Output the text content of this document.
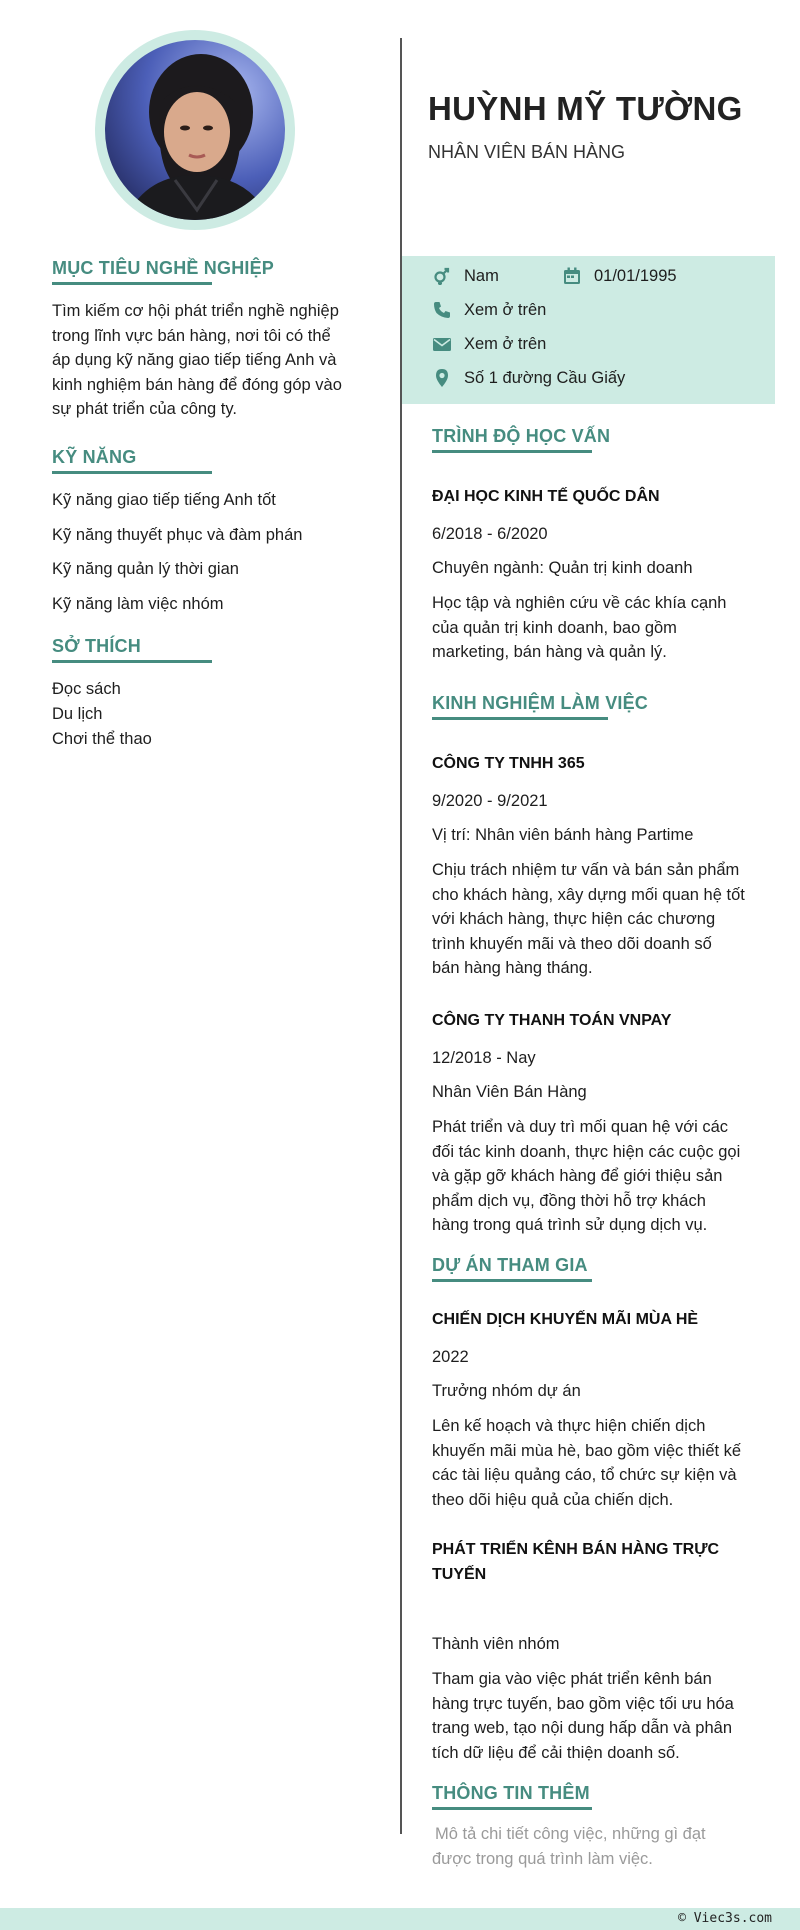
MỤC TIÊU NGHỀ NGHIỆP
Tìm kiếm cơ hội phát triển nghề nghiệp
trong lĩnh vực bán hàng, nơi tôi có thể
áp dụng kỹ năng giao tiếp tiếng Anh và
kinh nghiệm bán hàng để đóng góp vào
sự phát triển của công ty.
KỸ NĂNG
Kỹ năng giao tiếp tiếng Anh tốt
Kỹ năng thuyết phục và đàm phán
Kỹ năng quản lý thời gian
Kỹ năng làm việc nhóm
SỞ THÍCH
Đọc sách
Du lịch
Chơi thể thao
HUỲNH MỸ TƯỜNG
NHÂN VIÊN BÁN HÀNG
Nam	01/01/1995
Xem ở trên
Xem ở trên
Số 1 đường Cầu Giấy
TRÌNH ĐỘ HỌC VẤN
ĐẠI HỌC KINH TẾ QUỐC DÂN
6/2018 - 6/2020
Chuyên ngành: Quản trị kinh doanh
Học tập và nghiên cứu về các khía cạnh
của quản trị kinh doanh, bao gồm
marketing, bán hàng và quản lý.
KINH NGHIỆM LÀM VIỆC
CÔNG TY TNHH 365
9/2020 - 9/2021
Vị trí: Nhân viên bánh hàng Partime
Chịu trách nhiệm tư vấn và bán sản phẩm
cho khách hàng, xây dựng mối quan hệ tốt
với khách hàng, thực hiện các chương
trình khuyến mãi và theo dõi doanh số
bán hàng hàng tháng.
CÔNG TY THANH TOÁN VNPAY
12/2018 - Nay
Nhân Viên Bán Hàng
Phát triển và duy trì mối quan hệ với các
đối tác kinh doanh, thực hiện các cuộc gọi
và gặp gỡ khách hàng để giới thiệu sản
phẩm dịch vụ, đồng thời hỗ trợ khách
hàng trong quá trình sử dụng dịch vụ.
DỰ ÁN THAM GIA
CHIẾN DỊCH KHUYẾN MÃI MÙA HÈ
2022
Trưởng nhóm dự án
Lên kế hoạch và thực hiện chiến dịch
khuyến mãi mùa hè, bao gồm việc thiết kế
các tài liệu quảng cáo, tổ chức sự kiện và
theo dõi hiệu quả của chiến dịch.
PHÁT TRIỂN KÊNH BÁN HÀNG TRỰC
TUYẾN
Thành viên nhóm
Tham gia vào việc phát triển kênh bán
hàng trực tuyến, bao gồm việc tối ưu hóa
trang web, tạo nội dung hấp dẫn và phân
tích dữ liệu để cải thiện doanh số.
THÔNG TIN THÊM
Mô tả chi tiết công việc, những gì đạt
được trong quá trình làm việc.
© Viec3s.com
